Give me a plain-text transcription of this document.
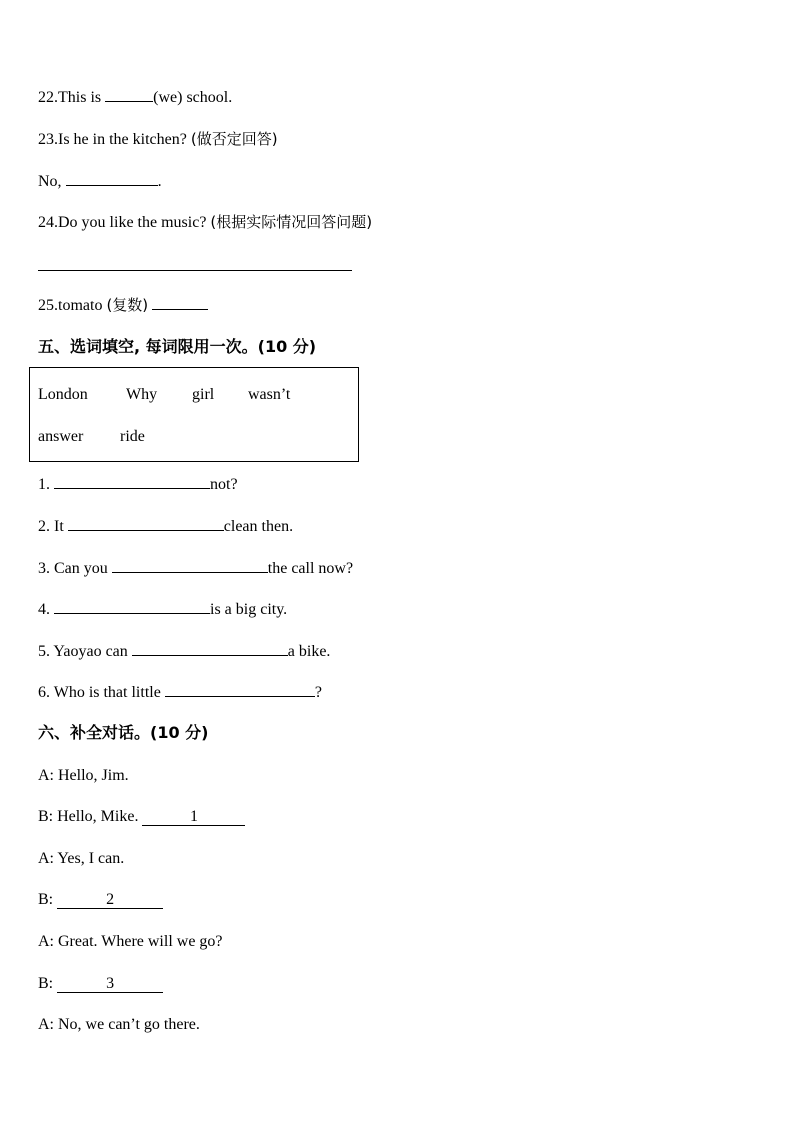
22.This is	(we) school.
23.Is he in the kitchen? (做否定回答)
No,	.
24.Do you like the music? (根据实际情况回答问题)
25.tomato (复数)
五、选词填空, 每词限用一次。(10 分)
London Why girl wasn’t
answer ride
1.	not?
2. It	clean then.
3. Can you	the call now?
4.	is a big city.
5. Yaoyao can	a bike.
6. Who is that little	?
六、补全对话。(10 分)
A: Hello, Jim.
B: Hello, Mike.	1
A: Yes, I can.
B:	2
A: Great. Where will we go?
B:	3
A: No, we can’t go there.
